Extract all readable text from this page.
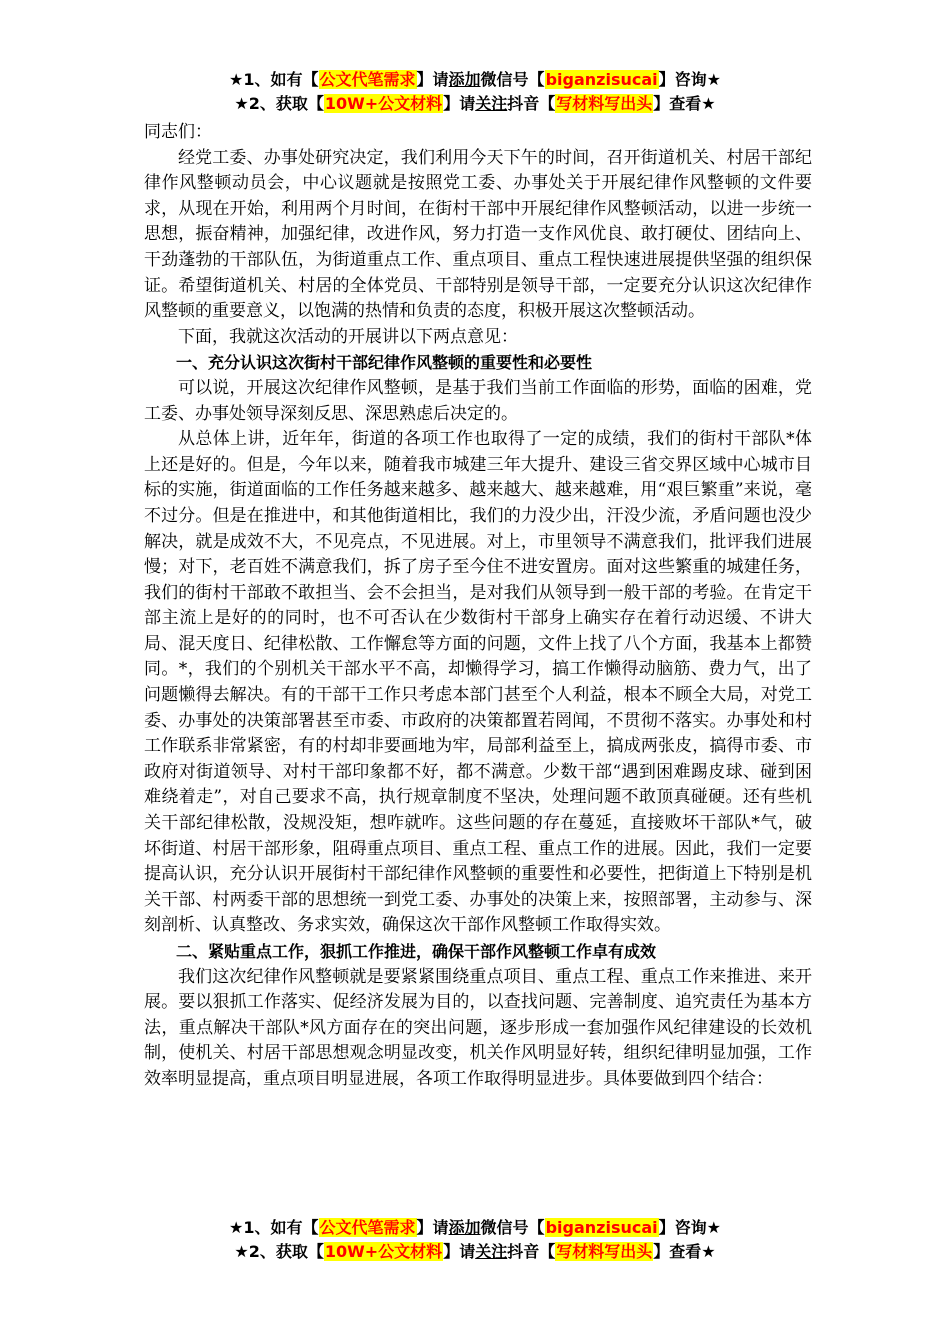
★1、如有【公文代笔需求】请添加微信号【biganzisucai】咨询★
★2、获取【10W+公文材料】请关注抖音【写材料写出头】查看★

同志们：

经党工委、办事处研究决定，我们利用今天下午的时间，召开街道机关、村居干部纪律作风整顿动员会，中心议题就是按照党工委、办事处关于开展纪律作风整顿的文件要求，从现在开始，利用两个月时间，在街村干部中开展纪律作风整顿活动，以进一步统一思想，振奋精神，加强纪律，改进作风，努力打造一支作风优良、敢打硬仗、团结向上、干劲蓬勃的干部队伍，为街道重点工作、重点项目、重点工程快速进展提供坚强的组织保证。希望街道机关、村居的全体党员、干部特别是领导干部，一定要充分认识这次纪律作风整顿的重要意义，以饱满的热情和负责的态度，积极开展这次整顿活动。

下面，我就这次活动的开展讲以下两点意见：

一、充分认识这次街村干部纪律作风整顿的重要性和必要性

可以说，开展这次纪律作风整顿，是基于我们当前工作面临的形势，面临的困难，党工委、办事处领导深刻反思、深思熟虑后决定的。

从总体上讲，近年年，街道的各项工作也取得了一定的成绩，我们的街村干部队*体上还是好的。但是，今年以来，随着我市城建三年大提升、建设三省交界区域中心城市目标的实施，街道面临的工作任务越来越多、越来越大、越来越难，用“艰巨繁重”来说，毫不过分。但是在推进中，和其他街道相比，我们的力没少出，汗没少流，矛盾问题也没少解决，就是成效不大，不见亮点，不见进展。对上，市里领导不满意我们，批评我们进展慢；对下，老百姓不满意我们，拆了房子至今住不进安置房。面对这些繁重的城建任务，我们的街村干部敢不敢担当、会不会担当，是对我们从领导到一般干部的考验。在肯定干部主流上是好的的同时，也不可否认在少数街村干部身上确实存在着行动迟缓、不讲大局、混天度日、纪律松散、工作懈怠等方面的问题，文件上找了八个方面，我基本上都赞同。*，我们的个别机关干部水平不高，却懒得学习，搞工作懒得动脑筋、费力气，出了问题懒得去解决。有的干部干工作只考虑本部门甚至个人利益，根本不顾全大局，对党工委、办事处的决策部署甚至市委、市政府的决策都置若罔闻，不贯彻不落实。办事处和村工作联系非常紧密，有的村却非要画地为牢，局部利益至上，搞成两张皮，搞得市委、市政府对街道领导、对村干部印象都不好，都不满意。少数干部“遇到困难踢皮球、碰到困难绕着走”，对自己要求不高，执行规章制度不坚决，处理问题不敢顶真碰硬。还有些机关干部纪律松散，没规没矩，想咋就咋。这些问题的存在蔓延，直接败坏干部队*气，破坏街道、村居干部形象，阻碍重点项目、重点工程、重点工作的进展。因此，我们一定要提高认识，充分认识开展街村干部纪律作风整顿的重要性和必要性，把街道上下特别是机关干部、村两委干部的思想统一到党工委、办事处的决策上来，按照部署，主动参与、深刻剖析、认真整改、务求实效，确保这次干部作风整顿工作取得实效。

二、紧贴重点工作，狠抓工作推进，确保干部作风整顿工作卓有成效

我们这次纪律作风整顿就是要紧紧围绕重点项目、重点工程、重点工作来推进、来开展。要以狠抓工作落实、促经济发展为目的，以查找问题、完善制度、追究责任为基本方法，重点解决干部队*风方面存在的突出问题，逐步形成一套加强作风纪律建设的长效机制，使机关、村居干部思想观念明显改变，机关作风明显好转，组织纪律明显加强，工作效率明显提高，重点项目明显进展，各项工作取得明显进步。具体要做到四个结合：

★1、如有【公文代笔需求】请添加微信号【biganzisucai】咨询★
★2、获取【10W+公文材料】请关注抖音【写材料写出头】查看★
